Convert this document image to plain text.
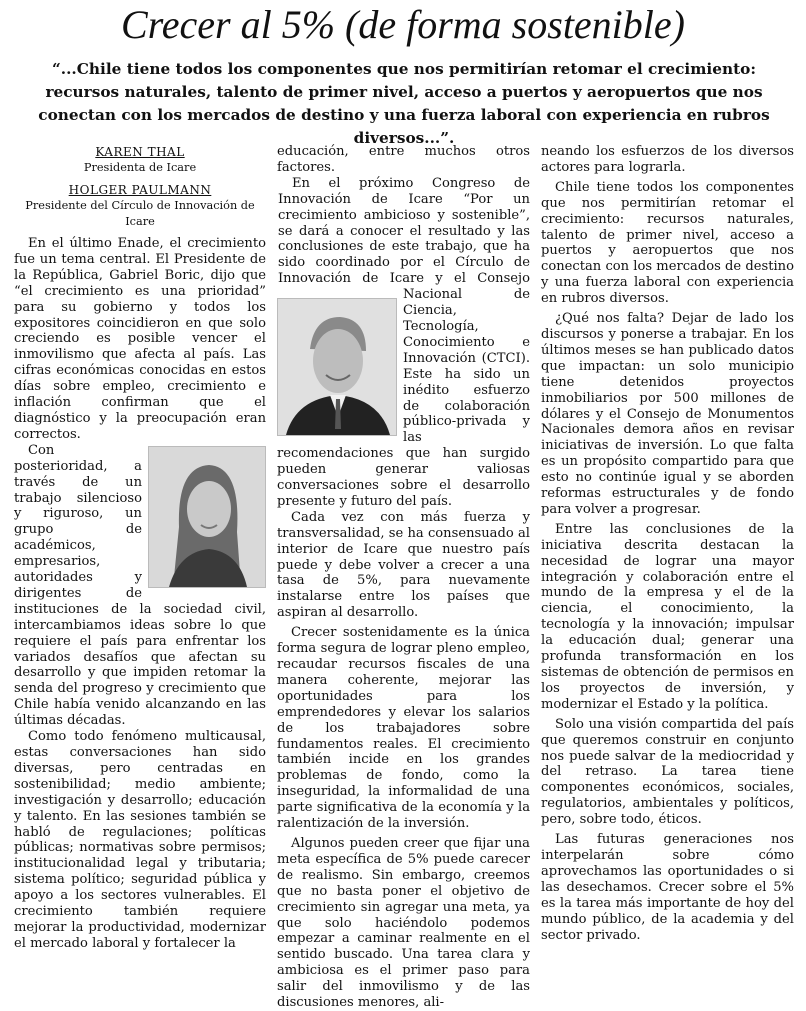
Crecer al 5% (de forma sostenible)

“...Chile tiene todos los componentes que nos permitirían retomar el crecimiento: recursos naturales, talento de primer nivel, acceso a puertos y aeropuertos que nos conectan con los mercados de destino y una fuerza laboral con experiencia en rubros diversos...”.

KAREN THAL
Presidenta de Icare
HOLGER PAULMANN
Presidente del Círculo de Innovación de Icare

En el último Enade, el crecimiento fue un tema central. El Presidente de la República, Gabriel Boric, dijo que “el crecimiento es una prioridad” para su gobierno y todos los expositores coincidieron en que solo creciendo es posible vencer el inmovilismo que afecta al país. Las cifras económicas conocidas en estos días sobre empleo, crecimiento e inflación confirman que el diagnóstico y la preocupación eran correctos.

Con posterioridad, a través de un trabajo silencioso y riguroso, un grupo de académicos, empresarios, autoridades y dirigentes de instituciones de la sociedad civil, intercambiamos ideas sobre lo que requiere el país para enfrentar los variados desafíos que afectan su desarrollo y que impiden retomar la senda del progreso y crecimiento que Chile había venido alcanzando en las últimas décadas.

Como todo fenómeno multicausal, estas conversaciones han sido diversas, pero centradas en sostenibilidad; medio ambiente; investigación y desarrollo; educación y talento. En las sesiones también se habló de regulaciones; políticas públicas; normativas sobre permisos; institucionalidad legal y tributaria; sistema político; seguridad pública y apoyo a los sectores vulnerables. El crecimiento también requiere mejorar la productividad, modernizar el mercado laboral y fortalecer la

educación, entre muchos otros factores.

En el próximo Congreso de Innovación de Icare “Por un crecimiento ambicioso y sostenible”, se dará a conocer el resultado y las conclusiones de este trabajo, que ha sido coordinado por el Círculo de Innovación de Icare y el Consejo Nacional de Ciencia, Tecnología, Conocimiento e Innovación (CTCI). Este ha sido un inédito esfuerzo de colaboración público-privada y las recomendaciones que han surgido pueden generar valiosas conversaciones sobre el desarrollo presente y futuro del país.

Cada vez con más fuerza y transversalidad, se ha consensuado al interior de Icare que nuestro país puede y debe volver a crecer a una tasa de 5%, para nuevamente instalarse entre los países que aspiran al desarrollo.

Crecer sostenidamente es la única forma segura de lograr pleno empleo, recaudar recursos fiscales de una manera coherente, mejorar las oportunidades para los emprendedores y elevar los salarios de los trabajadores sobre fundamentos reales. El crecimiento también incide en los grandes problemas de fondo, como la inseguridad, la informalidad de una parte significativa de la economía y la ralentización de la inversión.

Algunos pueden creer que fijar una meta específica de 5% puede carecer de realismo. Sin embargo, creemos que no basta poner el objetivo de crecimiento sin agregar una meta, ya que solo haciéndolo podemos empezar a caminar realmente en el sentido buscado. Una tarea clara y ambiciosa es el primer paso para salir del inmovilismo y de las discusiones menores, ali-

neando los esfuerzos de los diversos actores para lograrla.

Chile tiene todos los componentes que nos permitirían retomar el crecimiento: recursos naturales, talento de primer nivel, acceso a puertos y aeropuertos que nos conectan con los mercados de destino y una fuerza laboral con experiencia en rubros diversos.

¿Qué nos falta? Dejar de lado los discursos y ponerse a trabajar. En los últimos meses se han publicado datos que impactan: un solo municipio tiene detenidos proyectos inmobiliarios por 500 millones de dólares y el Consejo de Monumentos Nacionales demora años en revisar iniciativas de inversión. Lo que falta es un propósito compartido para que esto no continúe igual y se aborden reformas estructurales y de fondo para volver a progresar.

Entre las conclusiones de la iniciativa descrita destacan la necesidad de lograr una mayor integración y colaboración entre el mundo de la empresa y el de la ciencia, el conocimiento, la tecnología y la innovación; impulsar la educación dual; generar una profunda transformación en los sistemas de obtención de permisos en los proyectos de inversión, y modernizar el Estado y la política.

Solo una visión compartida del país que queremos construir en conjunto nos puede salvar de la mediocridad y del retraso. La tarea tiene componentes económicos, sociales, regulatorios, ambientales y políticos, pero, sobre todo, éticos.

Las futuras generaciones nos interpelarán sobre cómo aprovechamos las oportunidades o si las desechamos. Crecer sobre el 5% es la tarea más importante de hoy del mundo público, de la academia y del sector privado.
